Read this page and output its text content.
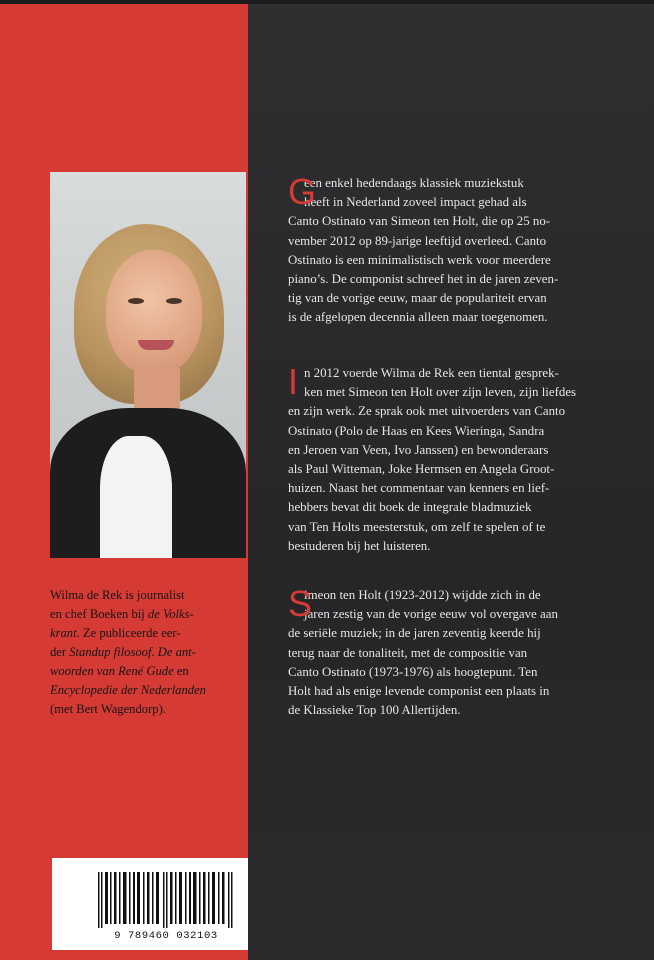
Wilma de Rek is journalist
en chef Boeken bij de Volks-
krant. Ze publiceerde eer-
der Standup filosoof. De ant-
woorden van René Gude en
Encyclopedie der Nederlanden
(met Bert Wagendorp).

9 789460 032103
G
een enkel hedendaags klassiek muziekstuk
heeft in Nederland zoveel impact gehad als
Canto Ostinato van Simeon ten Holt, die op 25 no-
vember 2012 op 89-jarige leeftijd overleed. Canto
Ostinato is een minimalistisch werk voor meerdere
piano’s. De componist schreef het in de jaren zeven-
tig van de vorige eeuw, maar de populariteit ervan
is de afgelopen decennia alleen maar toegenomen.
I n 2012 voerde Wilma de Rek een tiental gesprek-
ken met Simeon ten Holt over zijn leven, zijn liefdes
en zijn werk. Ze sprak ook met uitvoerders van Canto
Ostinato (Polo de Haas en Kees Wieringa, Sandra
en Jeroen van Veen, Ivo Janssen) en bewonderaars
als Paul Witteman, Joke Hermsen en Angela Groot-
huizen. Naast het commentaar van kenners en lief-
hebbers bevat dit boek de integrale bladmuziek
van Ten Holts meesterstuk, om zelf te spelen of te
bestuderen bij het luisteren.
S
imeon ten Holt (1923-2012) wijdde zich in de
jaren zestig van de vorige eeuw vol overgave aan
de seriële muziek; in de jaren zeventig keerde hij
terug naar de tonaliteit, met de compositie van
Canto Ostinato (1973-1976) als hoogtepunt. Ten
Holt had als enige levende componist een plaats in
de Klassieke Top 100 Allertijden.
